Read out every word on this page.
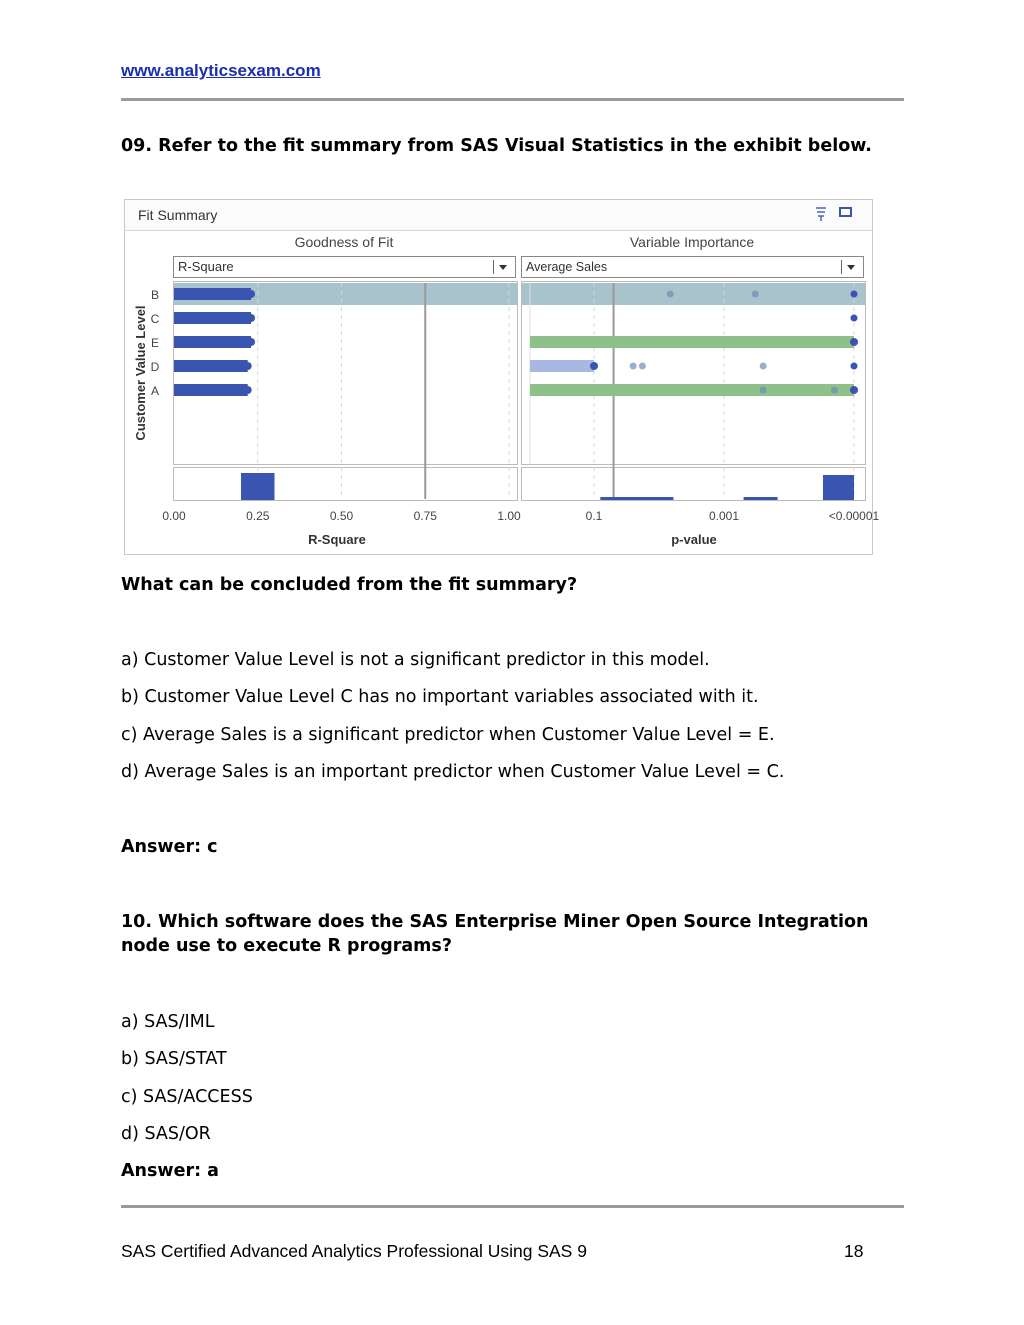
www.analyticsexam.com
09. Refer to the fit summary from SAS Visual Statistics in the exhibit below.
Fit Summary
Goodness of Fit	Variable Importance
R-Square	Average Sales
Customer Value Level
R-Square	p-value
B
C
E
D
A
0.00	0.25	0.50	0.75	1.00	0.1	0.001	<0.00001
What can be concluded from the fit summary?
a) Customer Value Level is not a significant predictor in this model.
b) Customer Value Level C has no important variables associated with it.
c) Average Sales is a significant predictor when Customer Value Level = E.
d) Average Sales is an important predictor when Customer Value Level = C.
Answer: c
10. Which software does the SAS Enterprise Miner Open Source Integration node use to execute R programs?
a) SAS/IML
b) SAS/STAT
c) SAS/ACCESS
d) SAS/OR
Answer: a
SAS Certified Advanced Analytics Professional Using SAS 9	18
